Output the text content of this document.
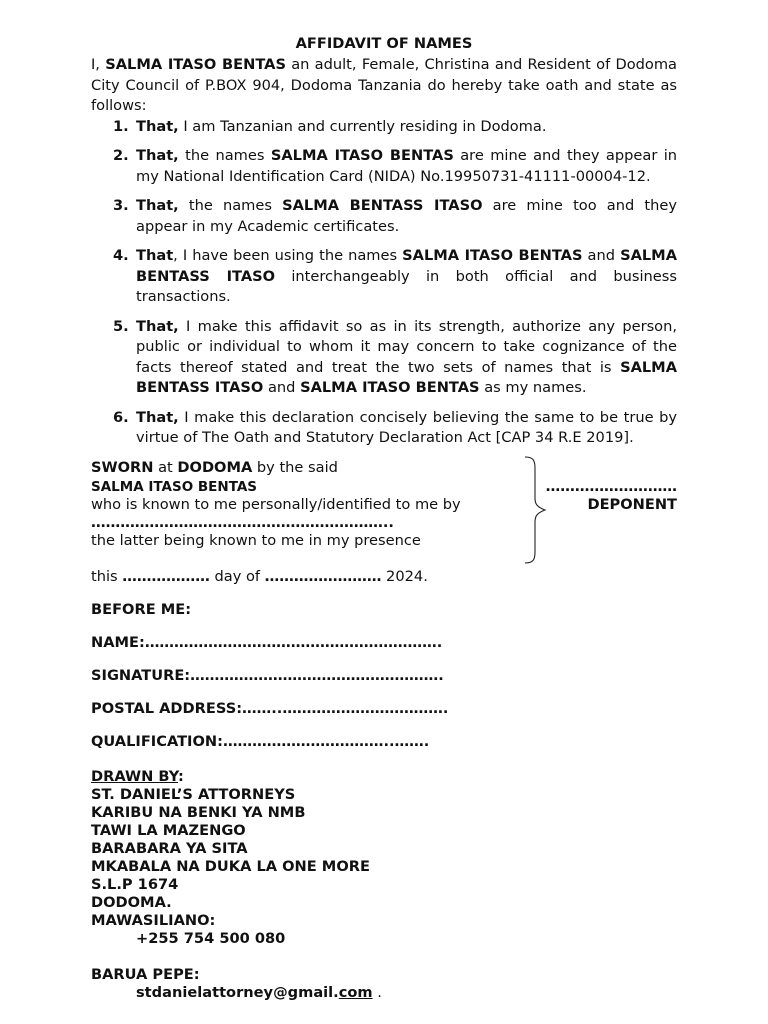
AFFIDAVIT OF NAMES

I, SALMA ITASO BENTAS an adult, Female, Christina and Resident of Dodoma City Council of P.BOX 904, Dodoma Tanzania do hereby take oath and state as follows:

1. That, I am Tanzanian and currently residing in Dodoma.
2. That, the names SALMA ITASO BENTAS are mine and they appear in my National Identification Card (NIDA) No.19950731-41111-00004-12.
3. That, the names SALMA BENTASS ITASO are mine too and they appear in my Academic certificates.
4. That, I have been using the names SALMA ITASO BENTAS and SALMA BENTASS ITASO interchangeably in both official and business transactions.
5. That, I make this affidavit so as in its strength, authorize any person, public or individual to whom it may concern to take cognizance of the facts thereof stated and treat the two sets of names that is SALMA BENTASS ITASO and SALMA ITASO BENTAS as my names.
6. That, I make this declaration concisely believing the same to be true by virtue of The Oath and Statutory Declaration Act [CAP 34 R.E 2019].
SWORN at DODOMA by the said
SALMA ITASO BENTAS	………………………
who is known to me personally/identified to me by	DEPONENT
……………………………………………………..
the latter being known to me in my presence
this ……………… day of …………………… 2024.
BEFORE ME:
NAME:…………………………………………………….
SIGNATURE:…………………………………………….
POSTAL ADDRESS:……..…………………………….
QUALIFICATION:……………………………..…….
DRAWN BY:
ST. DANIEL’S ATTORNEYS
KARIBU NA BENKI YA NMB
TAWI LA MAZENGO
BARABARA YA SITA
MKABALA NA DUKA LA ONE MORE
S.L.P 1674
DODOMA.
MAWASILIANO:
+255 754 500 080
BARUA PEPE:
stdanielattorney@gmail.com .
